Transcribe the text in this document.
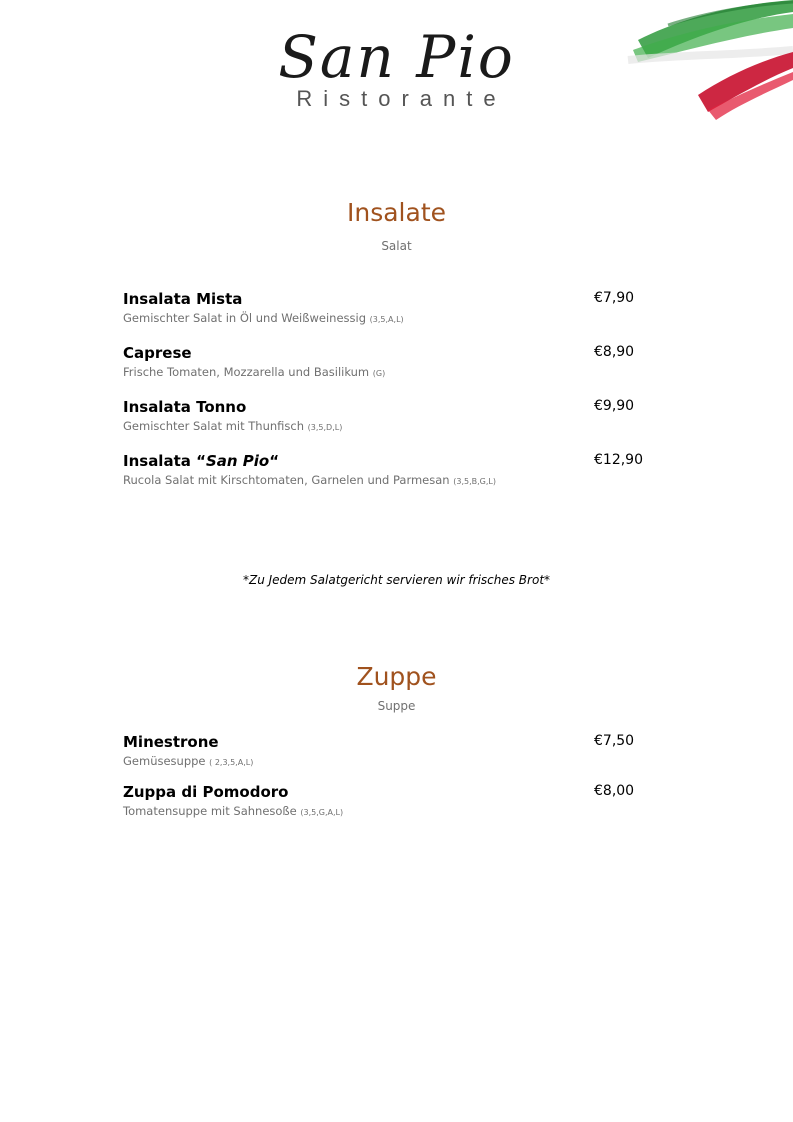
San Pio
Ristorante
Insalate
Salat
Insalata Mista
Gemischter Salat in Öl und Weißweinessig (3,5,A,L)
€7,90
Caprese
Frische Tomaten, Mozzarella und Basilikum (G)
€8,90
Insalata Tonno
Gemischter Salat mit Thunfisch (3,5,D,L)
€9,90
Insalata “San Pio“
Rucola Salat mit Kirschtomaten, Garnelen und Parmesan (3,5,B,G,L)
€12,90
*Zu Jedem Salatgericht servieren wir frisches Brot*
Zuppe
Suppe
Minestrone
Gemüsesuppe ( 2,3,5,A,L)
€7,50
Zuppa di Pomodoro
Tomatensuppe mit Sahnesoße (3,5,G,A,L)
€8,00
